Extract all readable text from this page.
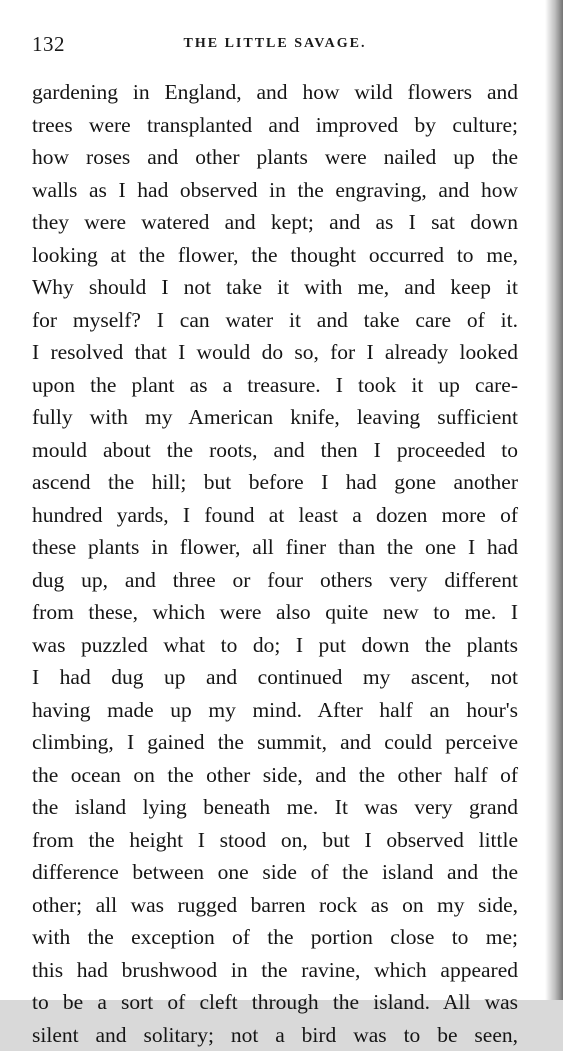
132	THE LITTLE SAVAGE.
gardening in England, and how wild flowers and
trees were transplanted and improved by culture;
how roses and other plants were nailed up the
walls as I had observed in the engraving, and how
they were watered and kept; and as I sat down
looking at the flower, the thought occurred to me,
Why should I not take it with me, and keep it
for myself? I can water it and take care of it.
I resolved that I would do so, for I already looked
upon the plant as a treasure. I took it up care-
fully with my American knife, leaving sufficient
mould about the roots, and then I proceeded to
ascend the hill; but before I had gone another
hundred yards, I found at least a dozen more of
these plants in flower, all finer than the one I had
dug up, and three or four others very different
from these, which were also quite new to me. I
was puzzled what to do; I put down the plants
I had dug up and continued my ascent, not
having made up my mind. After half an hour's
climbing, I gained the summit, and could perceive
the ocean on the other side, and the other half of
the island lying beneath me. It was very grand
from the height I stood on, but I observed little
difference between one side of the island and the
other; all was rugged barren rock as on my side,
with the exception of the portion close to me;
this had brushwood in the ravine, which appeared
to be a sort of cleft through the island. All was
silent and solitary; not a bird was to be seen,
